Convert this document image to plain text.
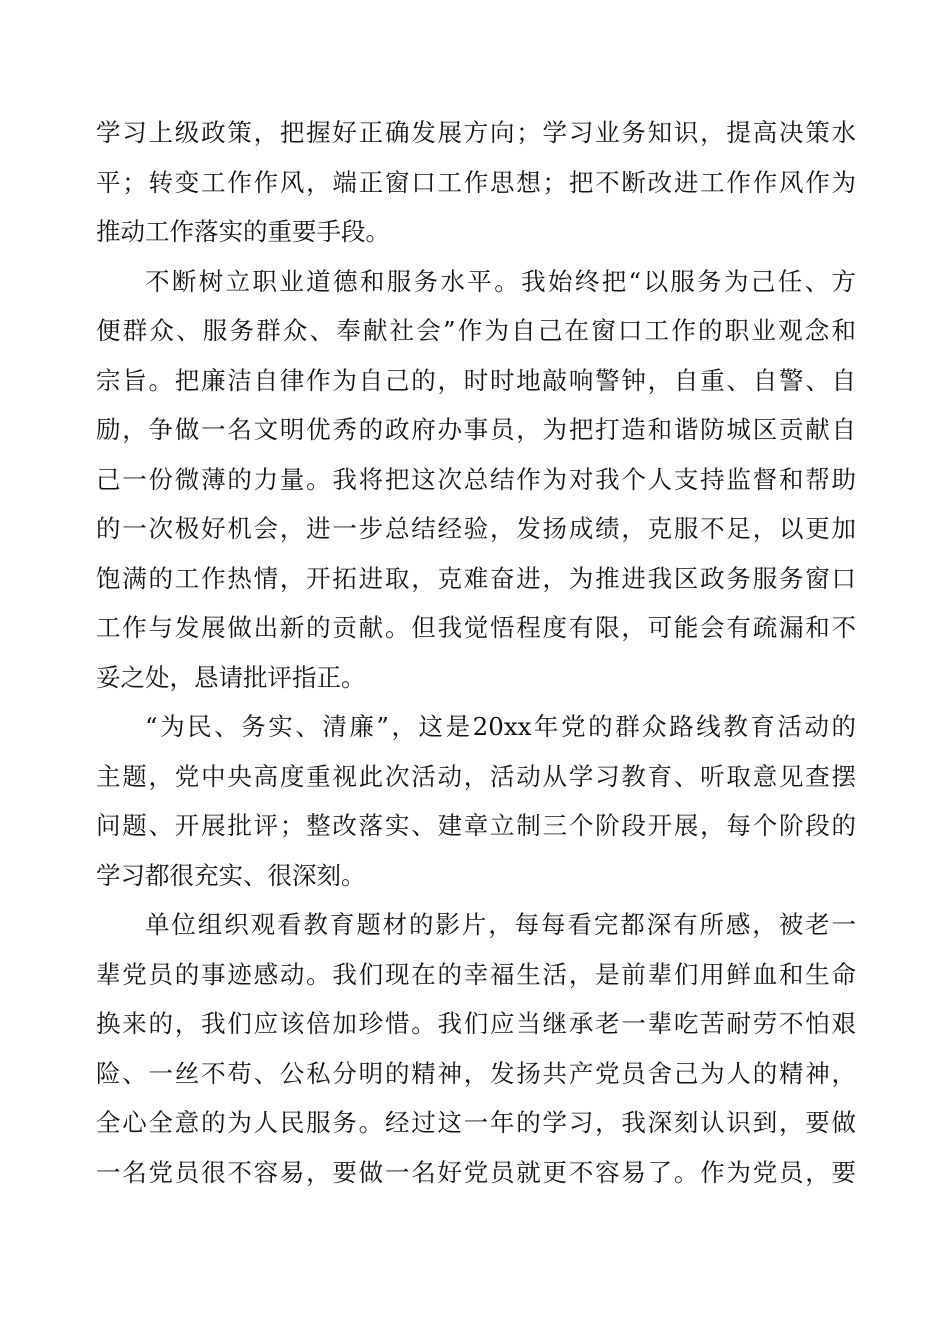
学习上级政策，把握好正确发展方向；学习业务知识，提高决策水
平；转变工作作风，端正窗口工作思想；把不断改进工作作风作为
推动工作落实的重要手段。
不断树立职业道德和服务水平。我始终把“以服务为己任、方
便群众、服务群众、奉献社会”作为自己在窗口工作的职业观念和
宗旨。把廉洁自律作为自己的，时时地敲响警钟，自重、自警、自
励，争做一名文明优秀的政府办事员，为把打造和谐防城区贡献自
己一份微薄的力量。我将把这次总结作为对我个人支持监督和帮助
的一次极好机会，进一步总结经验，发扬成绩，克服不足，以更加
饱满的工作热情，开拓进取，克难奋进，为推进我区政务服务窗口
工作与发展做出新的贡献。但我觉悟程度有限，可能会有疏漏和不
妥之处，恳请批评指正。
“为民、务实、清廉”，这是20xx年党的群众路线教育活动的
主题，党中央高度重视此次活动，活动从学习教育、听取意见查摆
问题、开展批评；整改落实、建章立制三个阶段开展，每个阶段的
学习都很充实、很深刻。
单位组织观看教育题材的影片，每每看完都深有所感，被老一
辈党员的事迹感动。我们现在的幸福生活，是前辈们用鲜血和生命
换来的，我们应该倍加珍惜。我们应当继承老一辈吃苦耐劳不怕艰
险、一丝不苟、公私分明的精神，发扬共产党员舍己为人的精神，
全心全意的为人民服务。经过这一年的学习，我深刻认识到，要做
一名党员很不容易，要做一名好党员就更不容易了。作为党员，要
